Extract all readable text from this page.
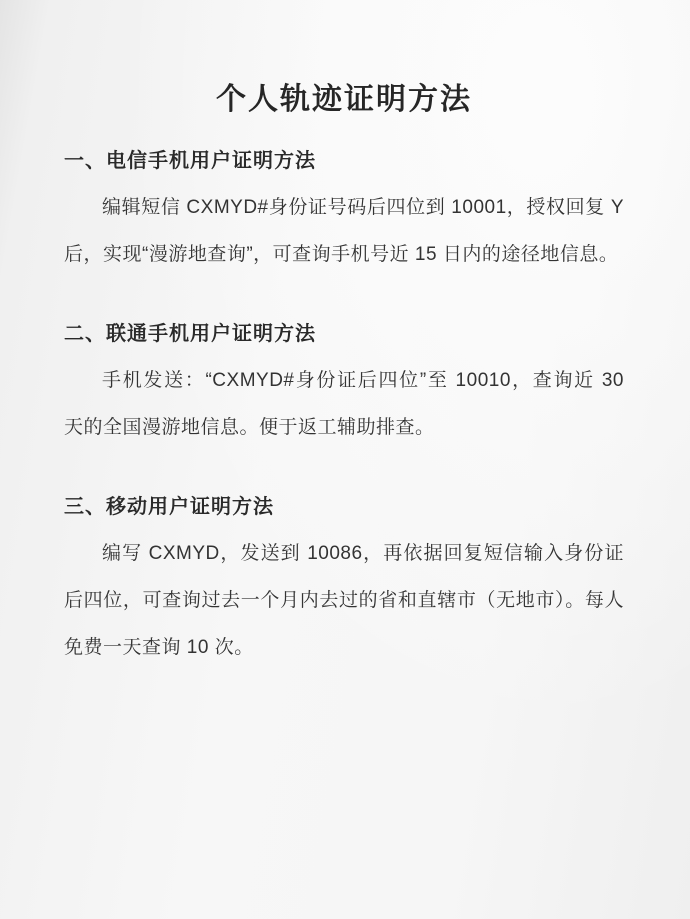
个人轨迹证明方法
一、电信手机用户证明方法

编辑短信 CXMYD#身份证号码后四位到 10001，授权回复 Y 后，实现“漫游地查询”，可查询手机号近 15 日内的途径地信息。

二、联通手机用户证明方法

手机发送：“CXMYD#身份证后四位”至 10010，查询近 30 天的全国漫游地信息。便于返工辅助排查。

三、移动用户证明方法

编写 CXMYD，发送到 10086，再依据回复短信输入身份证后四位，可查询过去一个月内去过的省和直辖市（无地市）。每人免费一天查询 10 次。
